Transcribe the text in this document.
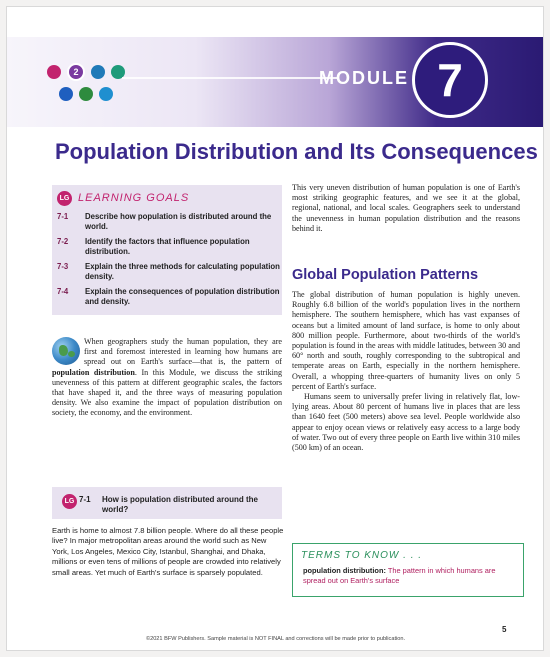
2	MODULE 7
Population Distribution and Its Consequences
LG LEARNING GOALS
7-1	Describe how population is distributed around the world.
7-2	Identify the factors that influence population distribution.
7-3	Explain the three methods for calculating population density.
7-4	Explain the consequences of population distribution and density.
When geographers study the human population, they are first and foremost interested in learning how humans are spread out on Earth's surface—that is, the pattern of population distribution. In this Module, we discuss the striking unevenness of this pattern at different geographic scales, the factors that have shaped it, and the three ways of measuring population density. We also examine the impact of population distribution on society, the economy, and the environment.
LG 7-1	How is population distributed around the world?
Earth is home to almost 7.8 billion people. Where do all these people live? In major metropolitan areas around the world such as New York, Los Angeles, Mexico City, Istanbul, Shanghai, and Dhaka, millions or even tens of millions of people are crowded into relatively small areas. Yet much of Earth's surface is sparsely populated.
This very uneven distribution of human population is one of Earth's most striking geographic features, and we see it at the global, regional, national, and local scales. Geographers seek to understand the unevenness in human population distribution and the reasons behind it.
Global Population Patterns

The global distribution of human population is highly uneven. Roughly 6.8 billion of the world's population lives in the northern hemisphere. The southern hemisphere, which has vast expanses of oceans but a limited amount of land surface, is home to only about 800 million people. Furthermore, about two-thirds of the world's population is found in the areas with middle latitudes, between 30 and 60° north and south, roughly corresponding to the subtropical and temperate areas on Earth, especially in the northern hemisphere. Overall, a whopping three-quarters of humanity lives on only 5 percent of Earth's surface.

Humans seem to universally prefer living in relatively flat, low-lying areas. About 80 percent of humans live in places that are less than 1640 feet (500 meters) above sea level. People worldwide also appear to enjoy ocean views or relatively easy access to a large body of water. Two out of every three people on Earth live within 310 miles (500 km) of an ocean.

TERMS TO KNOW . . .
population distribution: The pattern in which humans are spread out on Earth's surface
5
©2021 BFW Publishers. Sample material is NOT FINAL and corrections will be made prior to publication.
